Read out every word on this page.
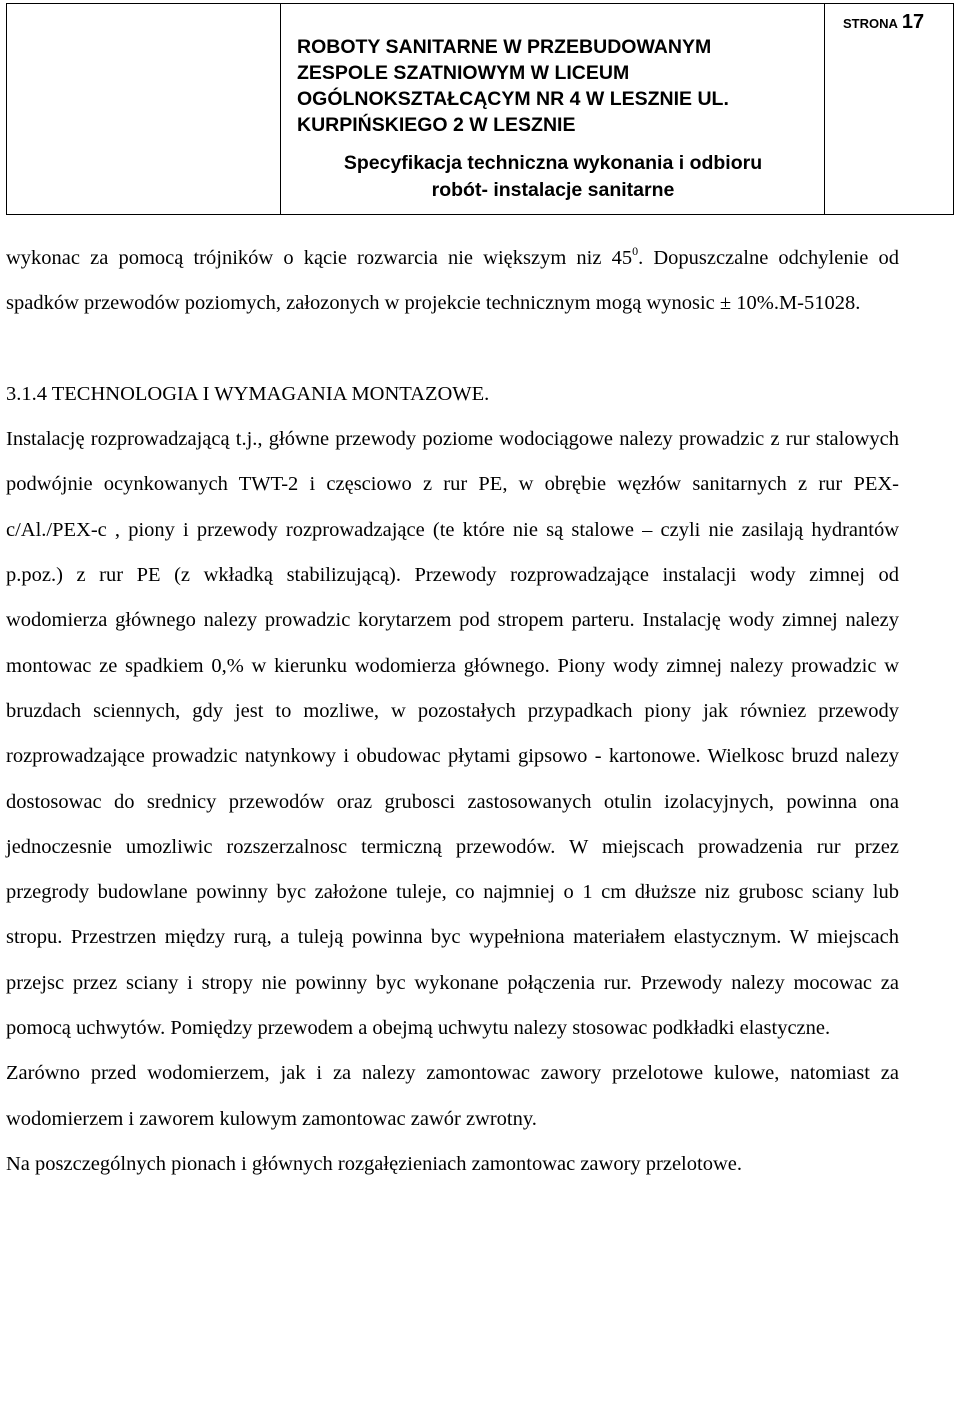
ROBOTY SANITARNE W PRZEBUDOWANYM
ZESPOLE SZATNIOWYM W LICEUM
OGÓLNOKSZTAŁCĄCYM NR 4 W LESZNIE UL.
KURPIŃSKIEGO 2 W LESZNIE
Specyfikacja techniczna wykonania i odbioru
robót- instalacje sanitarne
STRONA 17
wykonac za pomocą trójników o kącie rozwarcia nie większym niz $45^0$. Dopuszczalne odchylenie od spadków przewodów poziomych, załozonych w projekcie technicznym mogą wynosic ± 10%.M-51028.
3.1.4 TECHNOLOGIA I WYMAGANIA MONTAZOWE.
Instalację rozprowadzającą t.j., główne przewody poziome wodociągowe nalezy prowadzic z rur stalowych podwójnie ocynkowanych TWT-2 i częsciowo z rur PE, w obrębie węzłów sanitarnych z rur PEX-c/Al./PEX-c , piony i przewody rozprowadzające (te które nie są stalowe – czyli nie zasilają hydrantów p.poz.) z rur PE (z wkładką stabilizującą). Przewody rozprowadzające instalacji wody zimnej od wodomierza głównego nalezy prowadzic korytarzem pod stropem parteru. Instalację wody zimnej nalezy montowac ze spadkiem 0,% w kierunku wodomierza głównego. Piony wody zimnej nalezy prowadzic w bruzdach sciennych, gdy jest to mozliwe, w pozostałych przypadkach piony jak równiez przewody rozprowadzające prowadzic natynkowy i obudowac płytami gipsowo - kartonowe. Wielkosc bruzd nalezy dostosowac do srednicy przewodów oraz grubosci zastosowanych otulin izolacyjnych, powinna ona jednoczesnie umozliwic rozszerzalnosc termiczną przewodów. W miejscach prowadzenia rur przez przegrody budowlane powinny byc założone tuleje, co najmniej o 1 cm dłuższe niz grubosc sciany lub stropu. Przestrzen między rurą, a tuleją powinna byc wypełniona materiałem elastycznym. W miejscach przejsc przez sciany i stropy nie powinny byc wykonane połączenia rur. Przewody nalezy mocowac za pomocą uchwytów. Pomiędzy przewodem a obejmą uchwytu nalezy stosowac podkładki elastyczne.
Zarówno przed wodomierzem, jak i za nalezy zamontowac zawory przelotowe kulowe, natomiast za wodomierzem i zaworem kulowym zamontowac zawór zwrotny.
Na poszczególnych pionach i głównych rozgałęzieniach zamontowac zawory przelotowe.
